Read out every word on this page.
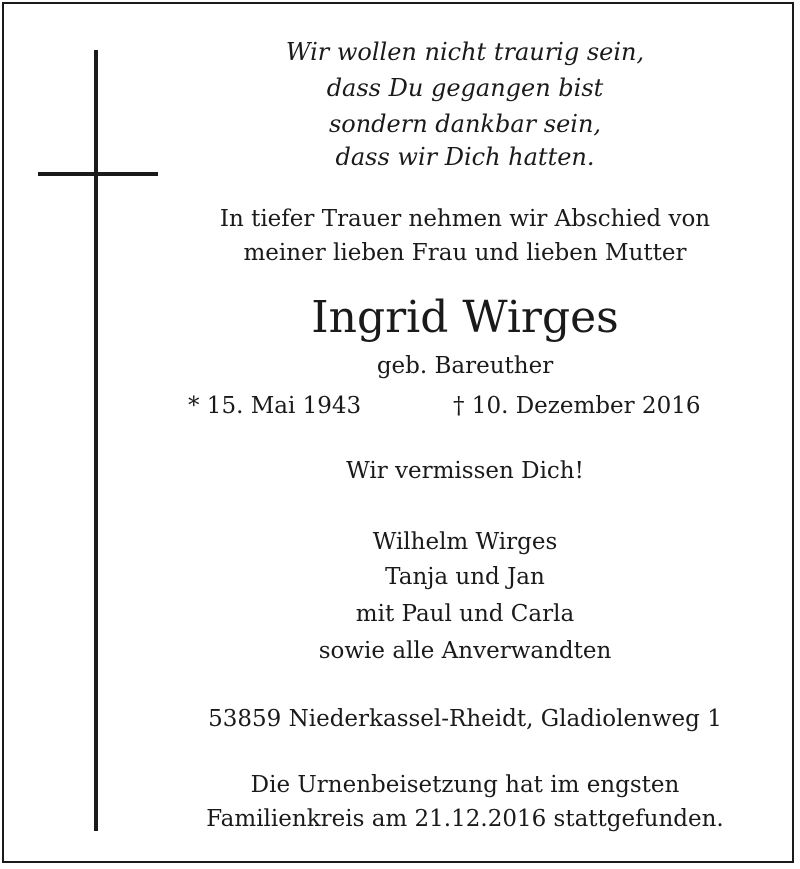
Wir wollen nicht traurig sein,
dass Du gegangen bist
sondern dankbar sein,
dass wir Dich hatten.
In tiefer Trauer nehmen wir Abschied von
meiner lieben Frau und lieben Mutter
Ingrid Wirges
geb. Bareuther
* 15. Mai 1943	† 10. Dezember 2016
Wir vermissen Dich!
Wilhelm Wirges
Tanja und Jan
mit Paul und Carla
sowie alle Anverwandten
53859 Niederkassel-Rheidt, Gladiolenweg 1
Die Urnenbeisetzung hat im engsten
Familienkreis am 21.12.2016 stattgefunden.
